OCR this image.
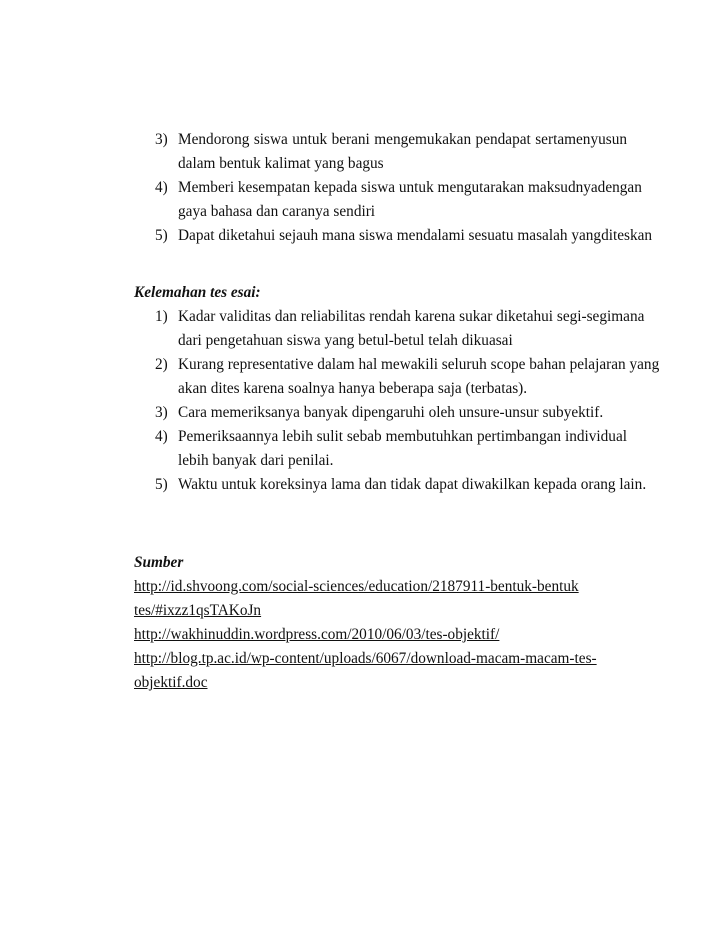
3) Mendorong siswa untuk berani mengemukakan pendapat sertamenyusun
dalam bentuk kalimat yang bagus
4) Memberi kesempatan kepada siswa untuk mengutarakan maksudnyadengan
gaya bahasa dan caranya sendiri
5) Dapat diketahui sejauh mana siswa mendalami sesuatu masalah yangditeskan
Kelemahan tes esai:
1) Kadar validitas dan reliabilitas rendah karena sukar diketahui segi-segimana
dari pengetahuan siswa yang betul-betul telah dikuasai
2) Kurang representative dalam hal mewakili seluruh scope bahan pelajaran yang
akan dites karena soalnya hanya beberapa saja (terbatas).
3) Cara memeriksanya banyak dipengaruhi oleh unsure-unsur subyektif.
4) Pemeriksaannya lebih sulit sebab membutuhkan pertimbangan individual
lebih banyak dari penilai.
5) Waktu untuk koreksinya lama dan tidak dapat diwakilkan kepada orang lain.
Sumber
http://id.shvoong.com/social-sciences/education/2187911-bentuk-bentuk
tes/#ixzz1qsTAKoJn
http://wakhinuddin.wordpress.com/2010/06/03/tes-objektif/
http://blog.tp.ac.id/wp-content/uploads/6067/download-macam-macam-tes-
objektif.doc
